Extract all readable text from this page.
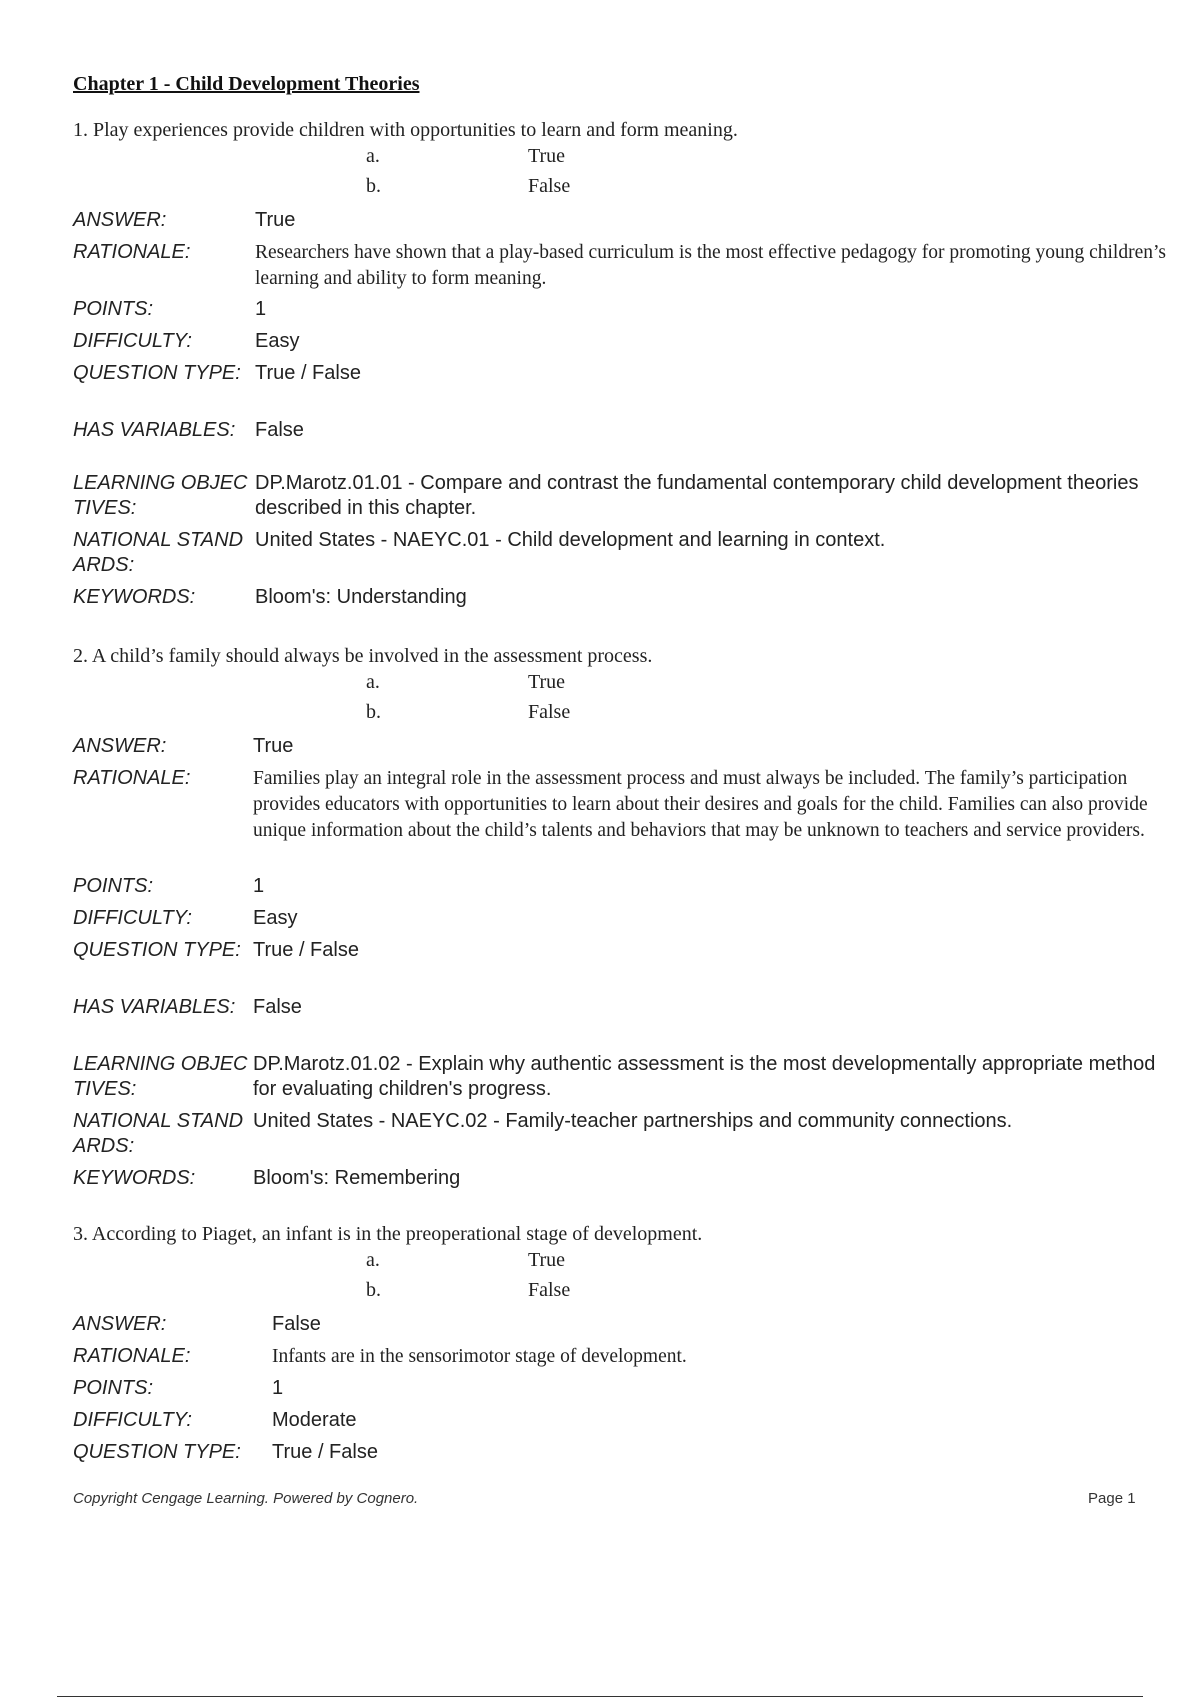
Chapter 1 - Child Development Theories
1. Play experiences provide children with opportunities to learn and form meaning.
a.	True
b.	False
ANSWER:	True
RATIONALE:	Researchers have shown that a play-based curriculum is the most effective pedagogy for promoting young children’s learning and ability to form meaning.
POINTS:	1
DIFFICULTY:	Easy
QUESTION TYPE: True / False
HAS VARIABLES: False
LEARNING OBJECTIVES:
DP.Marotz.01.01 - Compare and contrast the fundamental contemporary child development theories described in this chapter.
NATIONAL STANDARDS:
United States - NAEYC.01 - Child development and learning in context.
KEYWORDS:	Bloom's: Understanding
2. A child’s family should always be involved in the assessment process.
a.	True
b.	False
ANSWER:	True
RATIONALE:	Families play an integral role in the assessment process and must always be included. The family’s participation provides educators with opportunities to learn about their desires and goals for the child. Families can also provide unique information about the child’s talents and behaviors that may be unknown to teachers and service providers.
POINTS:	1
DIFFICULTY:	Easy
QUESTION TYPE: True / False
HAS VARIABLES: False
LEARNING OBJECTIVES:
DP.Marotz.01.02 - Explain why authentic assessment is the most developmentally appropriate method for evaluating children's progress.
NATIONAL STANDARDS:
United States - NAEYC.02 - Family-teacher partnerships and community connections.
KEYWORDS:	Bloom's: Remembering
3. According to Piaget, an infant is in the preoperational stage of development.
a.	True
b.	False
ANSWER:	False
RATIONALE:	Infants are in the sensorimotor stage of development.
POINTS:	1
DIFFICULTY:	Moderate
QUESTION TYPE:	True / False
Copyright Cengage Learning. Powered by Cognero.	Page 1
